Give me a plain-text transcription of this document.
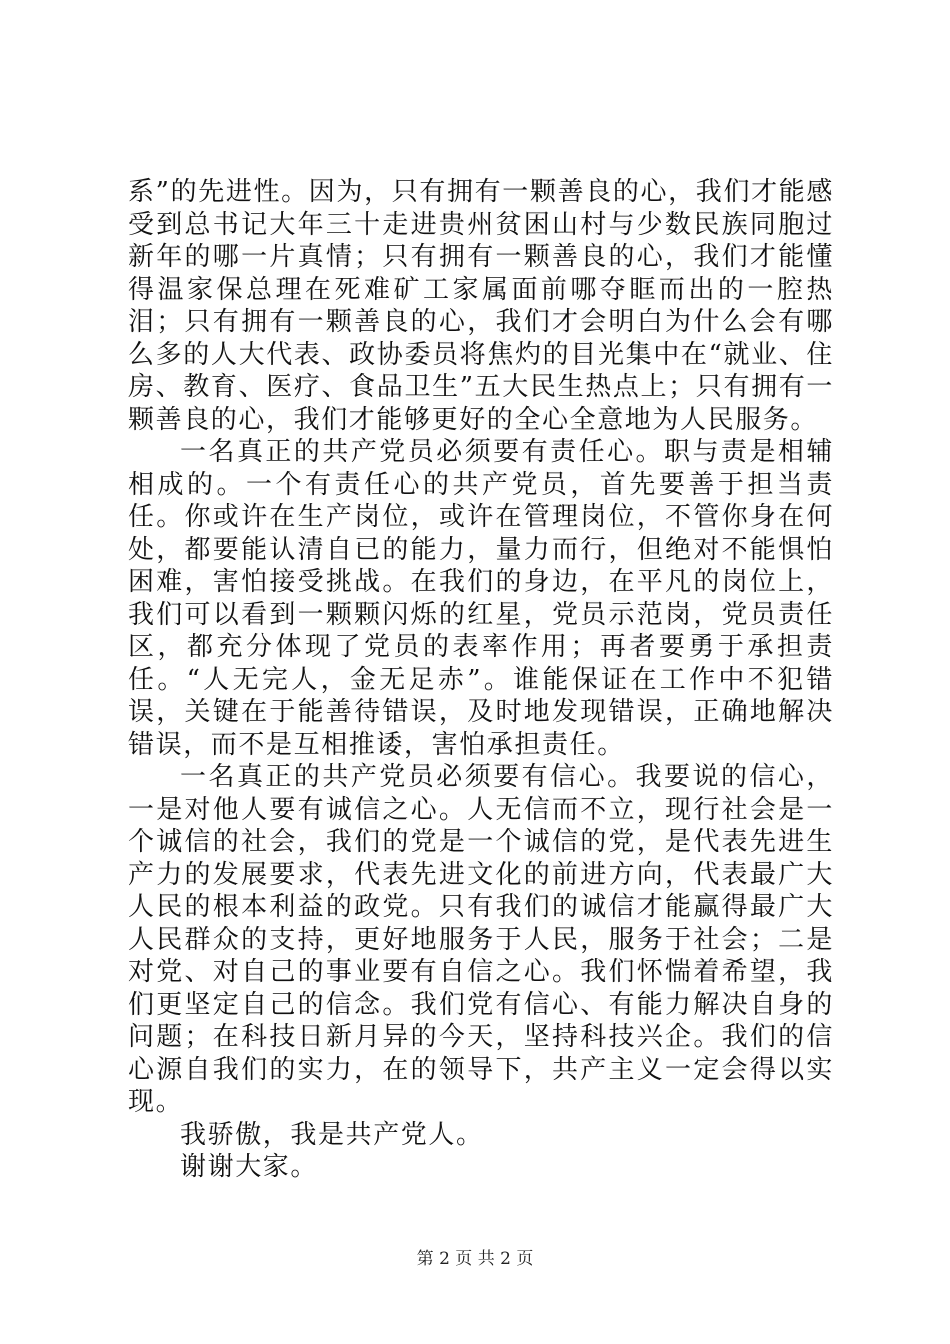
系”的先进性。因为，只有拥有一颗善良的心，我们才能感受到总书记大年三十走进贵州贫困山村与少数民族同胞过新年的哪一片真情；只有拥有一颗善良的心，我们才能懂得温家保总理在死难矿工家属面前哪夺眶而出的一腔热泪；只有拥有一颗善良的心，我们才会明白为什么会有哪么多的人大代表、政协委员将焦灼的目光集中在“就业、住房、教育、医疗、食品卫生”五大民生热点上；只有拥有一颗善良的心，我们才能够更好的全心全意地为人民服务。

一名真正的共产党员必须要有责任心。职与责是相辅相成的。一个有责任心的共产党员，首先要善于担当责任。你或许在生产岗位，或许在管理岗位，不管你身在何处，都要能认清自已的能力，量力而行，但绝对不能惧怕困难，害怕接受挑战。在我们的身边，在平凡的岗位上，我们可以看到一颗颗闪烁的红星，党员示范岗，党员责任区，都充分体现了党员的表率作用；再者要勇于承担责任。“人无完人，金无足赤”。谁能保证在工作中不犯错误，关键在于能善待错误，及时地发现错误，正确地解决错误，而不是互相推诿，害怕承担责任。

一名真正的共产党员必须要有信心。我要说的信心，一是对他人要有诚信之心。人无信而不立，现行社会是一个诚信的社会，我们的党是一个诚信的党，是代表先进生产力的发展要求，代表先进文化的前进方向，代表最广大人民的根本利益的政党。只有我们的诚信才能赢得最广大人民群众的支持，更好地服务于人民，服务于社会；二是对党、对自己的事业要有自信之心。我们怀惴着希望，我们更坚定自己的信念。我们党有信心、有能力解决自身的问题；在科技日新月异的今天，坚持科技兴企。我们的信心源自我们的实力，在的领导下，共产主义一定会得以实现。

我骄傲，我是共产党人。

谢谢大家。

第 2 页 共 2 页
